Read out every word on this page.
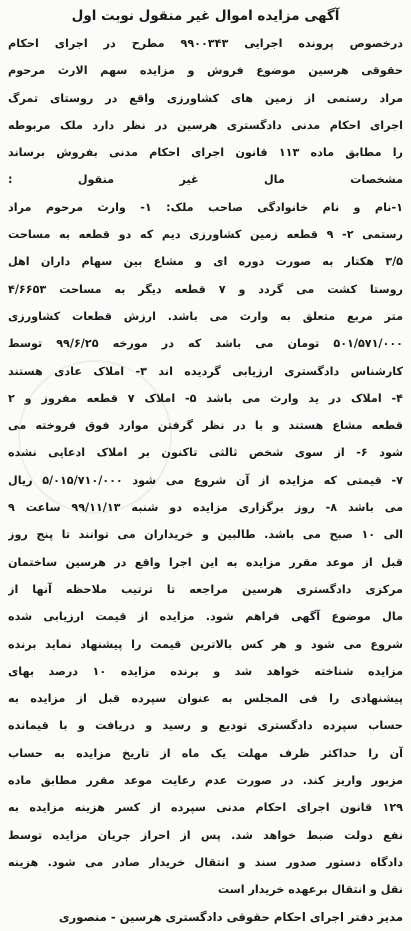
آگهی مزایده اموال غیر منقول نوبت اول
درخصوص پرونده اجرایی ۹۹۰۰۳۴۳ مطرح در اجرای احکام
حقوقی هرسین موضوع فروش و مزایده سهم الارث مرحوم
مراد رستمی از زمین های کشاورزی واقع در روستای تمرگ
اجرای احکام مدنی دادگستری هرسین در نظر دارد ملک مربوطه
را مطابق ماده ۱۱۳ قانون اجرای احکام مدنی بفروش برساند
مشخصات مال غیر منقول :
۱-نام و نام خانوادگی صاحب ملک: ۱- وارث مرحوم مراد
رستمی ۲- ۹ قطعه زمین کشاورزی دیم که دو قطعه به مساحت
۳/۵ هکتار به صورت دوره ای و مشاع بین سهام داران اهل
روستا کشت می گردد و ۷ قطعه دیگر به مساحت ۴/۶۶۵۳
متر مربع متعلق به وارث می باشد. ارزش قطعات کشاورزی
۵۰۱/۵۷۱/۰۰۰ تومان می باشد که در مورخه ۹۹/۶/۲۵ توسط
کارشناس دادگستری ارزیابی گردیده اند ۳- املاک عادی هستند
۴- املاک در ید وارث می باشد ۵- املاک ۷ قطعه مفروز و ۲
قطعه مشاع هستند و با در نظر گرفتن موارد فوق فروخته می
شود ۶- از سوی شخص ثالثی تاکنون بر املاک ادعایی نشده
۷- قیمتی که مزایده از آن شروع می شود ۵/۰۱۵/۷۱۰/۰۰۰ ریال
می باشد ۸- روز برگزاری مزایده دو شنبه ۹۹/۱۱/۱۳ ساعت ۹
الی ۱۰ صبح می باشد. طالبین و خریداران می توانند تا پنج روز
قبل از موعد مقرر مزایده به این اجرا واقع در هرسین ساختمان
مرکزی دادگستری هرسین مراجعه تا ترتیب ملاحظه آنها از
مال موضوع آگهی فراهم شود. مزایده از قیمت ارزیابی شده
شروع می شود و هر کس بالاترین قیمت را پیشنهاد نماید برنده
مزایده شناخته خواهد شد و برنده مزایده ۱۰ درصد بهای
پیشنهادی را فی المجلس به عنوان سپرده قبل از مزایده به
حساب سپرده دادگستری تودیع و رسید و دریافت و با قیمانده
آن را حداکثر ظرف مهلت یک ماه از تاریخ مزایده به حساب
مزبور واریز کند. در صورت عدم رعایت موعد مقرر مطابق ماده
۱۲۹ قانون اجرای احکام مدنی سپرده از کسر هزینه مزایده به
نفع دولت ضبط خواهد شد. پس از احراز جریان مزایده توسط
دادگاه دستور صدور سند و انتقال خریدار صادر می شود. هزینه
نقل و انتقال برعهده خریدار است
مدیر دفتر اجرای احکام حقوقی دادگستری هرسین - منصوری
